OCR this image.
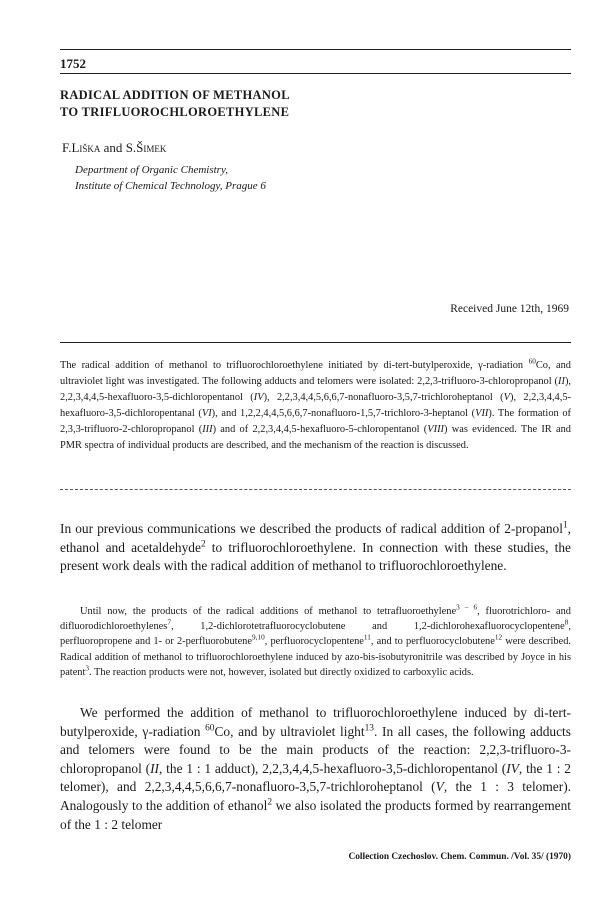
1752
RADICAL ADDITION OF METHANOL
TO TRIFLUOROCHLOROETHYLENE
F.Liška and S.Šimek
Department of Organic Chemistry,
Institute of Chemical Technology, Prague 6
Received June 12th, 1969

The radical addition of methanol to trifluorochloroethylene initiated by di-tert-butylperoxide, γ-radiation $^{60}$Co, and ultraviolet light was investigated. The following adducts and telomers were isolated: 2,2,3-trifluoro-3-chloropropanol (II), 2,2,3,4,4,5-hexafluoro-3,5-dichloropentanol (IV), 2,2,3,4,4,5,6,6,7-nonafluoro-3,5,7-trichloroheptanol (V), 2,2,3,4,4,5-hexafluoro-3,5-dichloropentanal (VI), and 1,2,2,4,4,5,6,6,7-nonafluoro-1,5,7-trichloro-3-heptanol (VII). The formation of 2,3,3-trifluoro-2-chloropropanol (III) and of 2,2,3,4,4,5-hexafluoro-5-chloropentanol (VIII) was evidenced. The IR and PMR spectra of individual products are described, and the mechanism of the reaction is discussed.

In our previous communications we described the products of radical addition of 2-propanol$^1$, ethanol and acetaldehyde$^2$ to trifluorochloroethylene. In connection with these studies, the present work deals with the radical addition of methanol to trifluorochloroethylene.

Until now, the products of the radical additions of methanol to tetrafluoroethylene$^{3 - 6}$, fluorotrichloro- and difluorodichloroethylenes$^7$, 1,2-dichlorotetrafluorocyclobutene and 1,2-dichlorohexafluorocyclopentene$^8$, perfluoropropene and 1- or 2-perfluorobutene$^{9,10}$, perfluorocyclopentene$^{11}$, and to perfluorocyclobutene$^{12}$ were described. Radical addition of methanol to trifluorochloroethylene induced by azo-bis-isobutyronitrile was described by Joyce in his patent$^3$. The reaction products were not, however, isolated but directly oxidized to carboxylic acids.

We performed the addition of methanol to trifluorochloroethylene induced by di-tert-butylperoxide, γ-radiation $^{60}$Co, and by ultraviolet light$^{13}$. In all cases, the following adducts and telomers were found to be the main products of the reaction: 2,2,3-trifluoro-3-chloropropanol (II, the 1 : 1 adduct), 2,2,3,4,4,5-hexafluoro-3,5-dichloropentanol (IV, the 1 : 2 telomer), and 2,2,3,4,4,5,6,6,7-nonafluoro-3,5,7-trichloroheptanol (V, the 1 : 3 telomer). Analogously to the addition of ethanol$^2$ we also isolated the products formed by rearrangement of the 1 : 2 telomer

Collection Czechoslov. Chem. Commun. /Vol. 35/ (1970)
